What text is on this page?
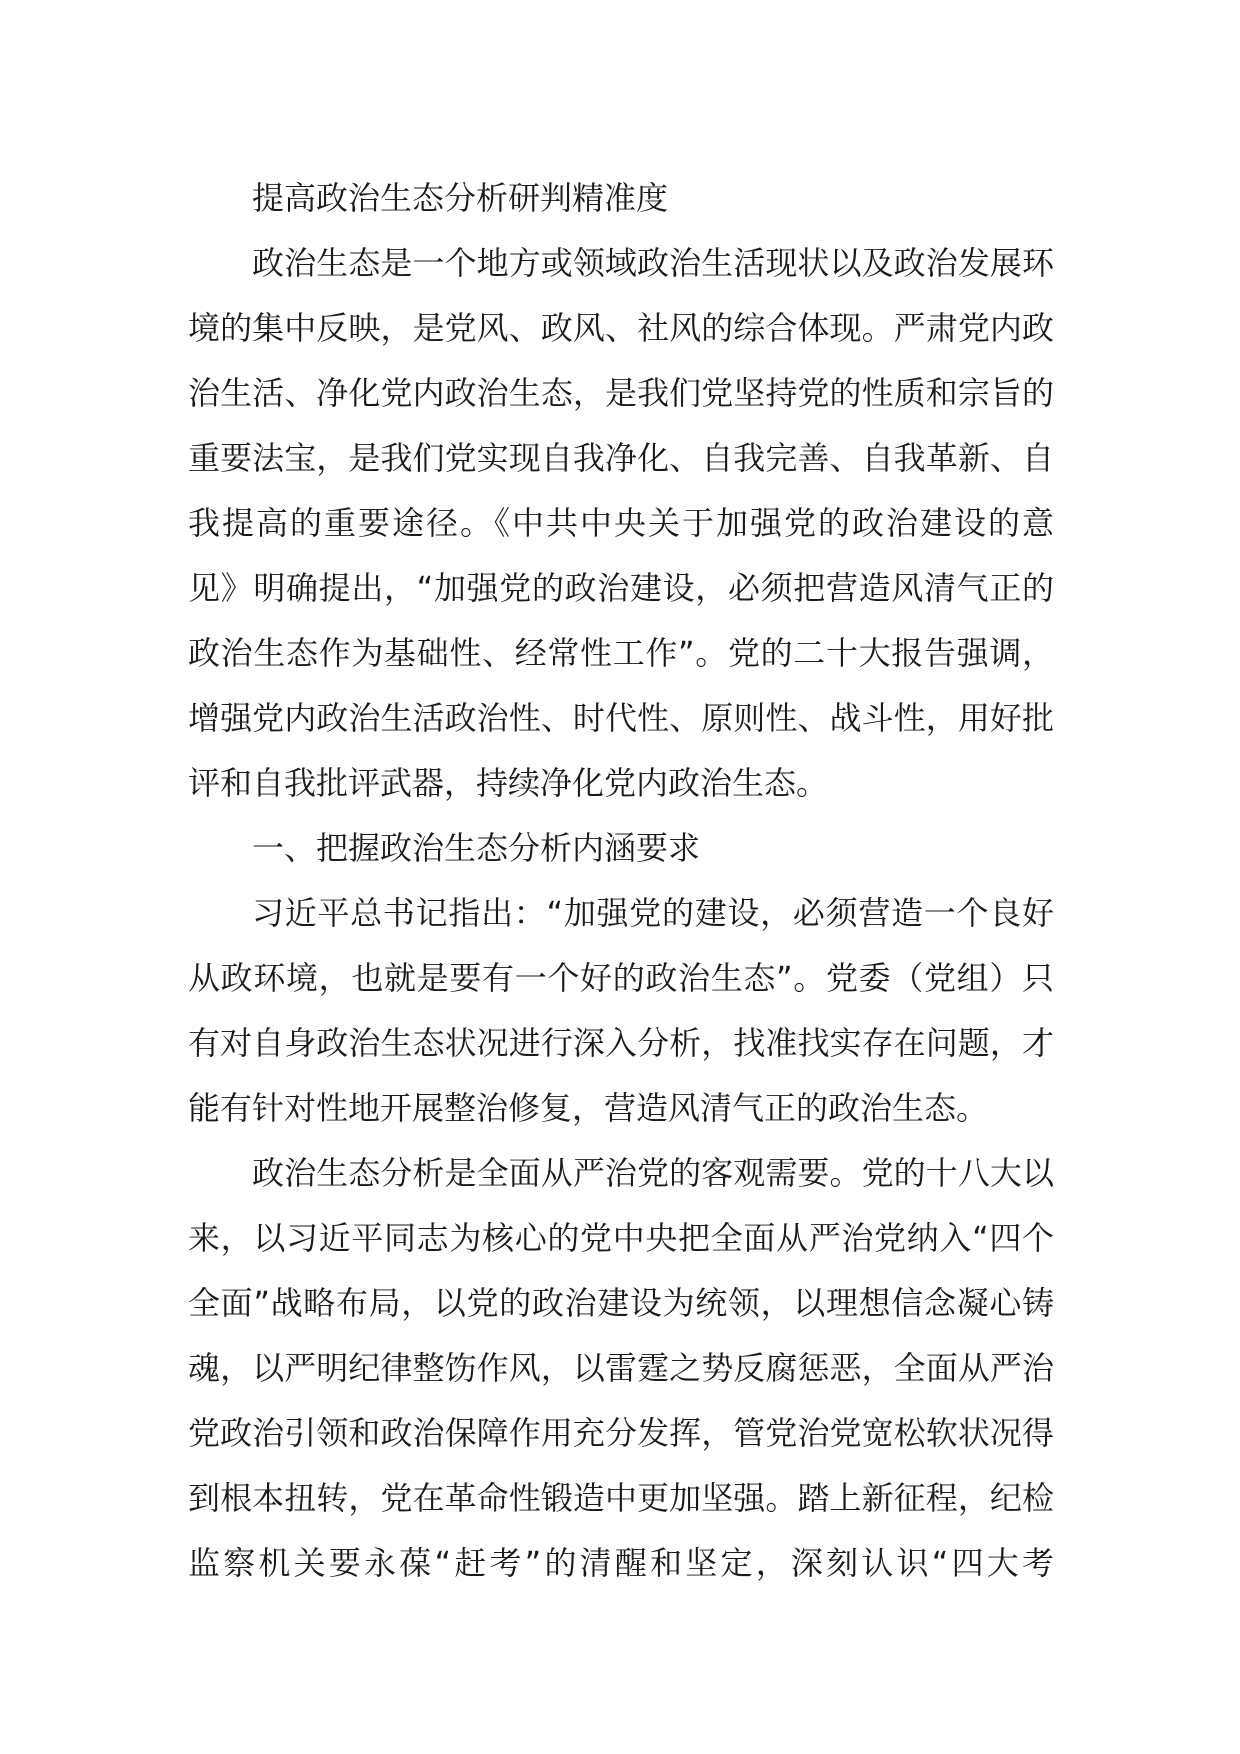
提高政治生态分析研判精准度
政治生态是一个地方或领域政治生活现状以及政治发展环
境的集中反映，是党风、政风、社风的综合体现。严肃党内政
治生活、净化党内政治生态，是我们党坚持党的性质和宗旨的
重要法宝，是我们党实现自我净化、自我完善、自我革新、自
我提高的重要途径。《中共中央关于加强党的政治建设的意
见》明确提出，“加强党的政治建设，必须把营造风清气正的
政治生态作为基础性、经常性工作”。党的二十大报告强调，
增强党内政治生活政治性、时代性、原则性、战斗性，用好批
评和自我批评武器，持续净化党内政治生态。
一、把握政治生态分析内涵要求
习近平总书记指出：“加强党的建设，必须营造一个良好
从政环境，也就是要有一个好的政治生态”。党委（党组）只
有对自身政治生态状况进行深入分析，找准找实存在问题，才
能有针对性地开展整治修复，营造风清气正的政治生态。
政治生态分析是全面从严治党的客观需要。党的十八大以
来，以习近平同志为核心的党中央把全面从严治党纳入“四个
全面”战略布局，以党的政治建设为统领，以理想信念凝心铸
魂，以严明纪律整饬作风，以雷霆之势反腐惩恶，全面从严治
党政治引领和政治保障作用充分发挥，管党治党宽松软状况得
到根本扭转，党在革命性锻造中更加坚强。踏上新征程，纪检
监察机关要永葆“赶考”的清醒和坚定，深刻认识“四大考
